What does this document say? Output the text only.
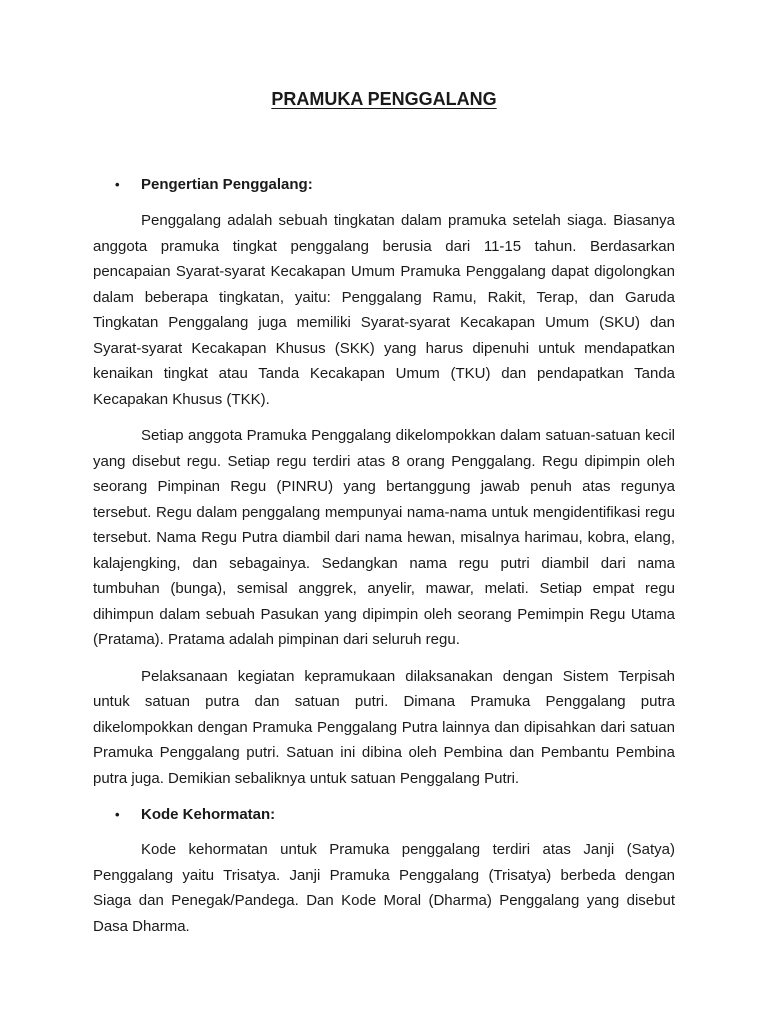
PRAMUKA PENGGALANG
•	Pengertian Penggalang:

Penggalang adalah sebuah tingkatan dalam pramuka setelah siaga. Biasanya anggota pramuka tingkat penggalang berusia dari 11-15 tahun. Berdasarkan pencapaian Syarat-syarat Kecakapan Umum Pramuka Penggalang dapat digolongkan dalam beberapa tingkatan, yaitu: Penggalang Ramu, Rakit, Terap, dan Garuda Tingkatan Penggalang juga memiliki Syarat-syarat Kecakapan Umum (SKU) dan Syarat-syarat Kecakapan Khusus (SKK) yang harus dipenuhi untuk mendapatkan kenaikan tingkat atau Tanda Kecakapan Umum (TKU) dan pendapatkan Tanda Kecapakan Khusus (TKK).

Setiap anggota Pramuka Penggalang dikelompokkan dalam satuan-satuan kecil yang disebut regu. Setiap regu terdiri atas 8 orang Penggalang. Regu dipimpin oleh seorang Pimpinan Regu (PINRU) yang bertanggung jawab penuh atas regunya tersebut. Regu dalam penggalang mempunyai nama-nama untuk mengidentifikasi regu tersebut. Nama Regu Putra diambil dari nama hewan, misalnya harimau, kobra, elang, kalajengking, dan sebagainya. Sedangkan nama regu putri diambil dari nama tumbuhan (bunga), semisal anggrek, anyelir, mawar, melati. Setiap empat regu dihimpun dalam sebuah Pasukan yang dipimpin oleh seorang Pemimpin Regu Utama (Pratama). Pratama adalah pimpinan dari seluruh regu.

Pelaksanaan kegiatan kepramukaan dilaksanakan dengan Sistem Terpisah untuk satuan putra dan satuan putri. Dimana Pramuka Penggalang putra dikelompokkan dengan Pramuka Penggalang Putra lainnya dan dipisahkan dari satuan Pramuka Penggalang putri. Satuan ini dibina oleh Pembina dan Pembantu Pembina putra juga. Demikian sebaliknya untuk satuan Penggalang Putri.

•	Kode Kehormatan:

Kode kehormatan untuk Pramuka penggalang terdiri atas Janji (Satya) Penggalang yaitu Trisatya. Janji Pramuka Penggalang (Trisatya) berbeda dengan Siaga dan Penegak/Pandega. Dan Kode Moral (Dharma) Penggalang yang disebut Dasa Dharma.
